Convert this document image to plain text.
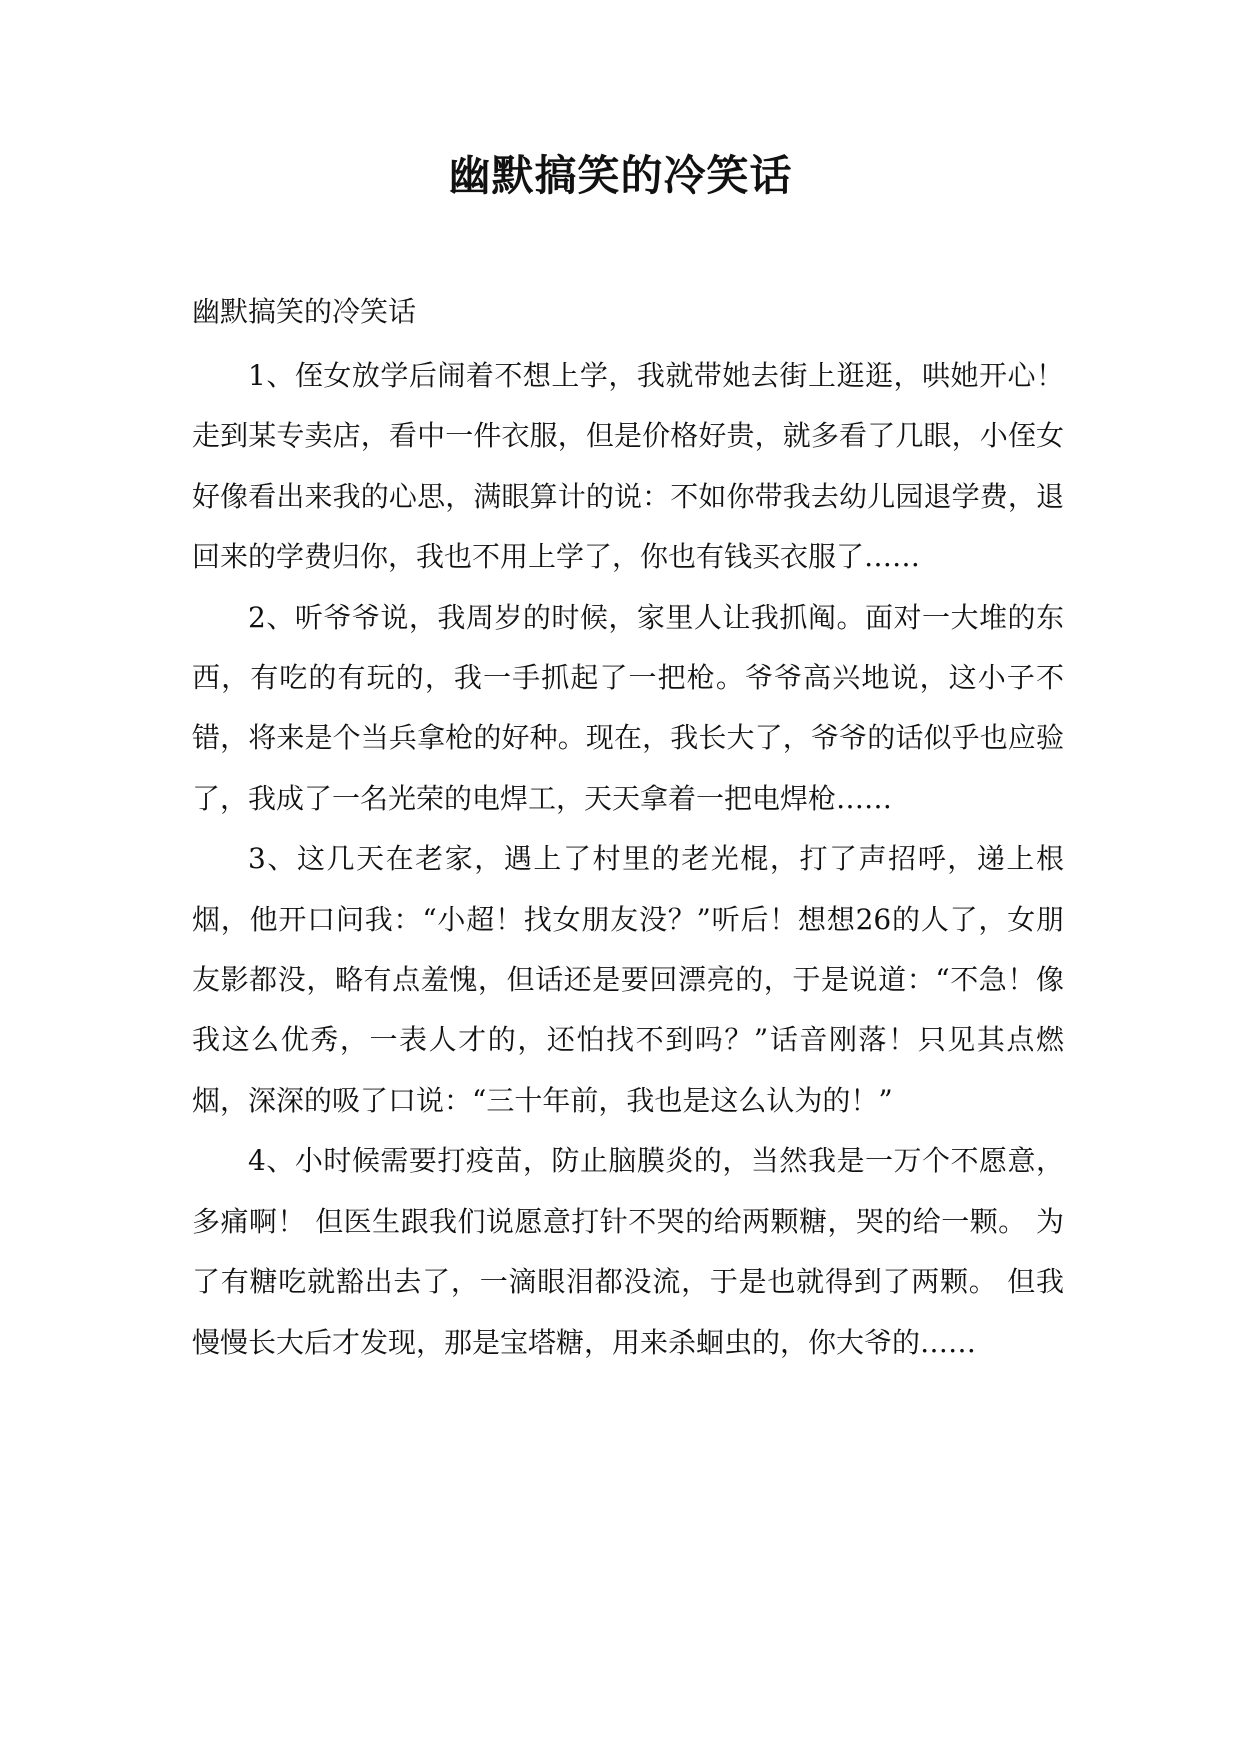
幽默搞笑的冷笑话
幽默搞笑的冷笑话

1、侄女放学后闹着不想上学，我就带她去街上逛逛，哄她开心！走到某专卖店，看中一件衣服，但是价格好贵，就多看了几眼，小侄女好像看出来我的心思，满眼算计的说：不如你带我去幼儿园退学费，退回来的学费归你，我也不用上学了，你也有钱买衣服了……

2、听爷爷说，我周岁的时候，家里人让我抓阄。面对一大堆的东西，有吃的有玩的，我一手抓起了一把枪。爷爷高兴地说，这小子不错，将来是个当兵拿枪的好种。现在，我长大了，爷爷的话似乎也应验了，我成了一名光荣的电焊工，天天拿着一把电焊枪……

3、这几天在老家，遇上了村里的老光棍，打了声招呼，递上根烟，他开口问我：“小超！找女朋友没？”听后！想想26的人了，女朋友影都没，略有点羞愧，但话还是要回漂亮的，于是说道：“不急！像我这么优秀，一表人才的，还怕找不到吗？”话音刚落！只见其点燃烟，深深的吸了口说：“三十年前，我也是这么认为的！”

4、小时候需要打疫苗，防止脑膜炎的，当然我是一万个不愿意，多痛啊！ 但医生跟我们说愿意打针不哭的给两颗糖，哭的给一颗。 为了有糖吃就豁出去了，一滴眼泪都没流，于是也就得到了两颗。 但我慢慢长大后才发现，那是宝塔糖，用来杀蛔虫的，你大爷的……
